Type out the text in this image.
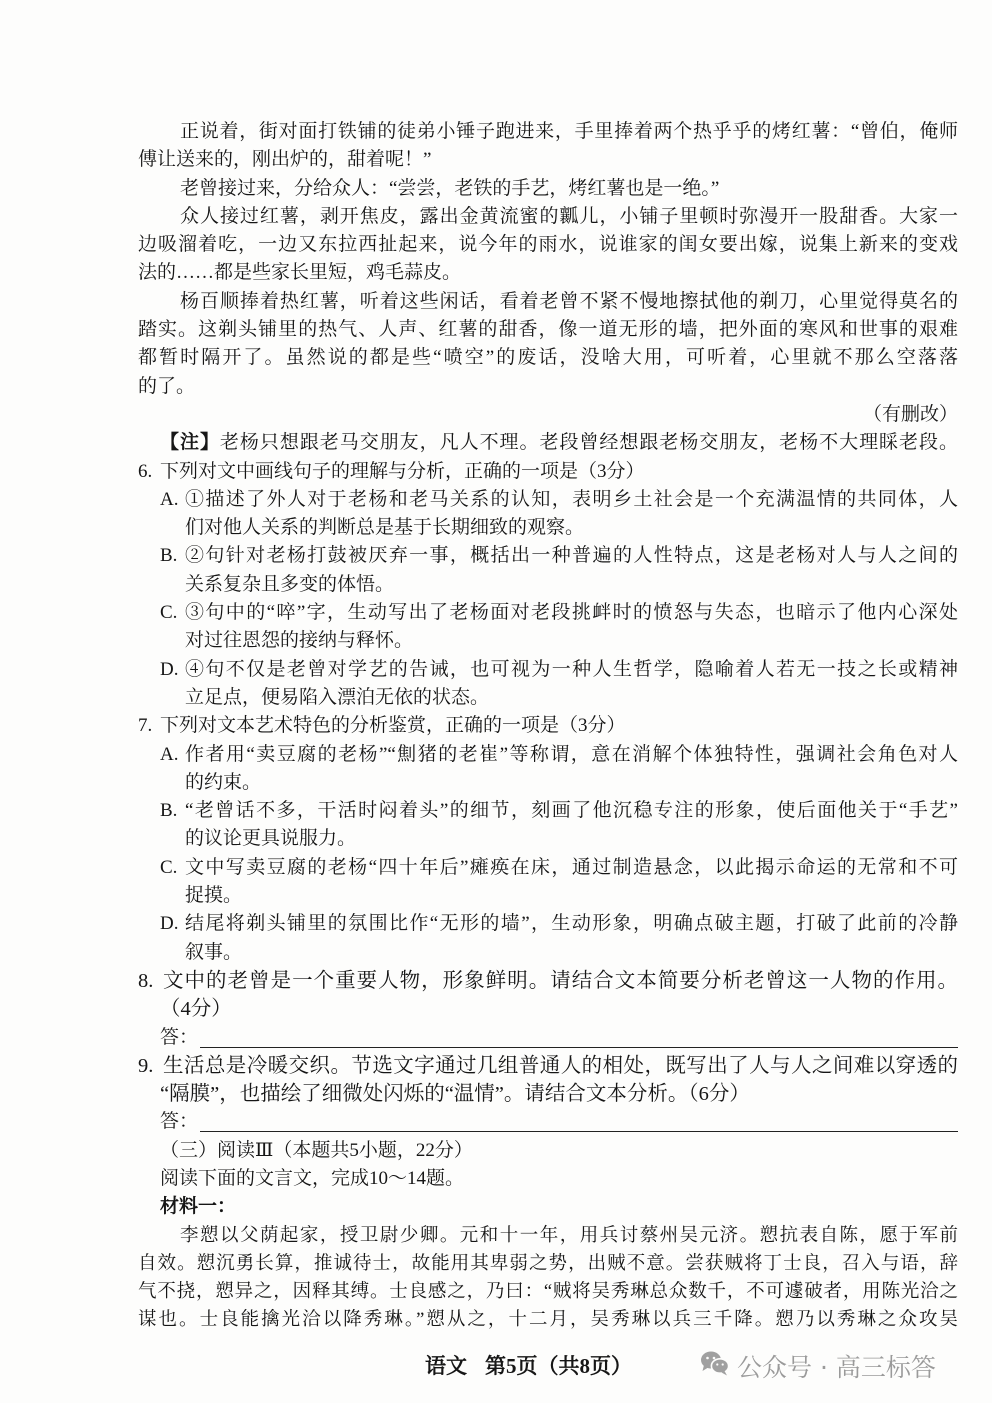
正说着，街对面打铁铺的徒弟小锤子跑进来，手里捧着两个热乎乎的烤红薯：“曾伯，俺师
傅让送来的，刚出炉的，甜着呢！”
老曾接过来，分给众人：“尝尝，老铁的手艺，烤红薯也是一绝。”
众人接过红薯，剥开焦皮，露出金黄流蜜的瓤儿，小铺子里顿时弥漫开一股甜香。大家一
边吸溜着吃，一边又东拉西扯起来，说今年的雨水，说谁家的闺女要出嫁，说集上新来的变戏
法的……都是些家长里短，鸡毛蒜皮。
杨百顺捧着热红薯，听着这些闲话，看着老曾不紧不慢地擦拭他的剃刀，心里觉得莫名的
踏实。这剃头铺里的热气、人声、红薯的甜香，像一道无形的墙，把外面的寒风和世事的艰难
都暂时隔开了。虽然说的都是些“喷空”的废话，没啥大用，可听着，心里就不那么空落落
的了。
（有删改）
【注】老杨只想跟老马交朋友，凡人不理。老段曾经想跟老杨交朋友，老杨不大理睬老段。
6. 下列对文中画线句子的理解与分析，正确的一项是（3分）
A. ①描述了外人对于老杨和老马关系的认知，表明乡土社会是一个充满温情的共同体，人
们对他人关系的判断总是基于长期细致的观察。
B. ②句针对老杨打鼓被厌弃一事，概括出一种普遍的人性特点，这是老杨对人与人之间的
关系复杂且多变的体悟。
C. ③句中的“啐”字，生动写出了老杨面对老段挑衅时的愤怒与失态，也暗示了他内心深处
对过往恩怨的接纳与释怀。
D. ④句不仅是老曾对学艺的告诫，也可视为一种人生哲学，隐喻着人若无一技之长或精神
立足点，便易陷入漂泊无依的状态。
7. 下列对文本艺术特色的分析鉴赏，正确的一项是（3分）
A. 作者用“卖豆腐的老杨”“劁猪的老崔”等称谓，意在消解个体独特性，强调社会角色对人
的约束。
B. “老曾话不多，干活时闷着头”的细节，刻画了他沉稳专注的形象，使后面他关于“手艺”
的议论更具说服力。
C. 文中写卖豆腐的老杨“四十年后”瘫痪在床，通过制造悬念，以此揭示命运的无常和不可
捉摸。
D. 结尾将剃头铺里的氛围比作“无形的墙”，生动形象，明确点破主题，打破了此前的冷静
叙事。
8. 文中的老曾是一个重要人物，形象鲜明。请结合文本简要分析老曾这一人物的作用。
（4分）
答：
9. 生活总是冷暖交织。节选文字通过几组普通人的相处，既写出了人与人之间难以穿透的
“隔膜”，也描绘了细微处闪烁的“温情”。请结合文本分析。（6分）
答：
（三）阅读Ⅲ（本题共5小题，22分）
阅读下面的文言文，完成10～14题。
材料一：
李愬以父荫起家，授卫尉少卿。元和十一年，用兵讨蔡州吴元济。愬抗表自陈，愿于军前
自效。愬沉勇长算，推诚待士，故能用其卑弱之势，出贼不意。尝获贼将丁士良，召入与语，辞
气不挠，愬异之，因释其缚。士良感之，乃曰：“贼将吴秀琳总众数千，不可遽破者，用陈光洽之
谋也。士良能擒光洽以降秀琳。”愬从之，十二月，吴秀琳以兵三千降。愬乃以秀琳之众攻吴
语文 第5页（共8页）	公众号 · 高三标答
